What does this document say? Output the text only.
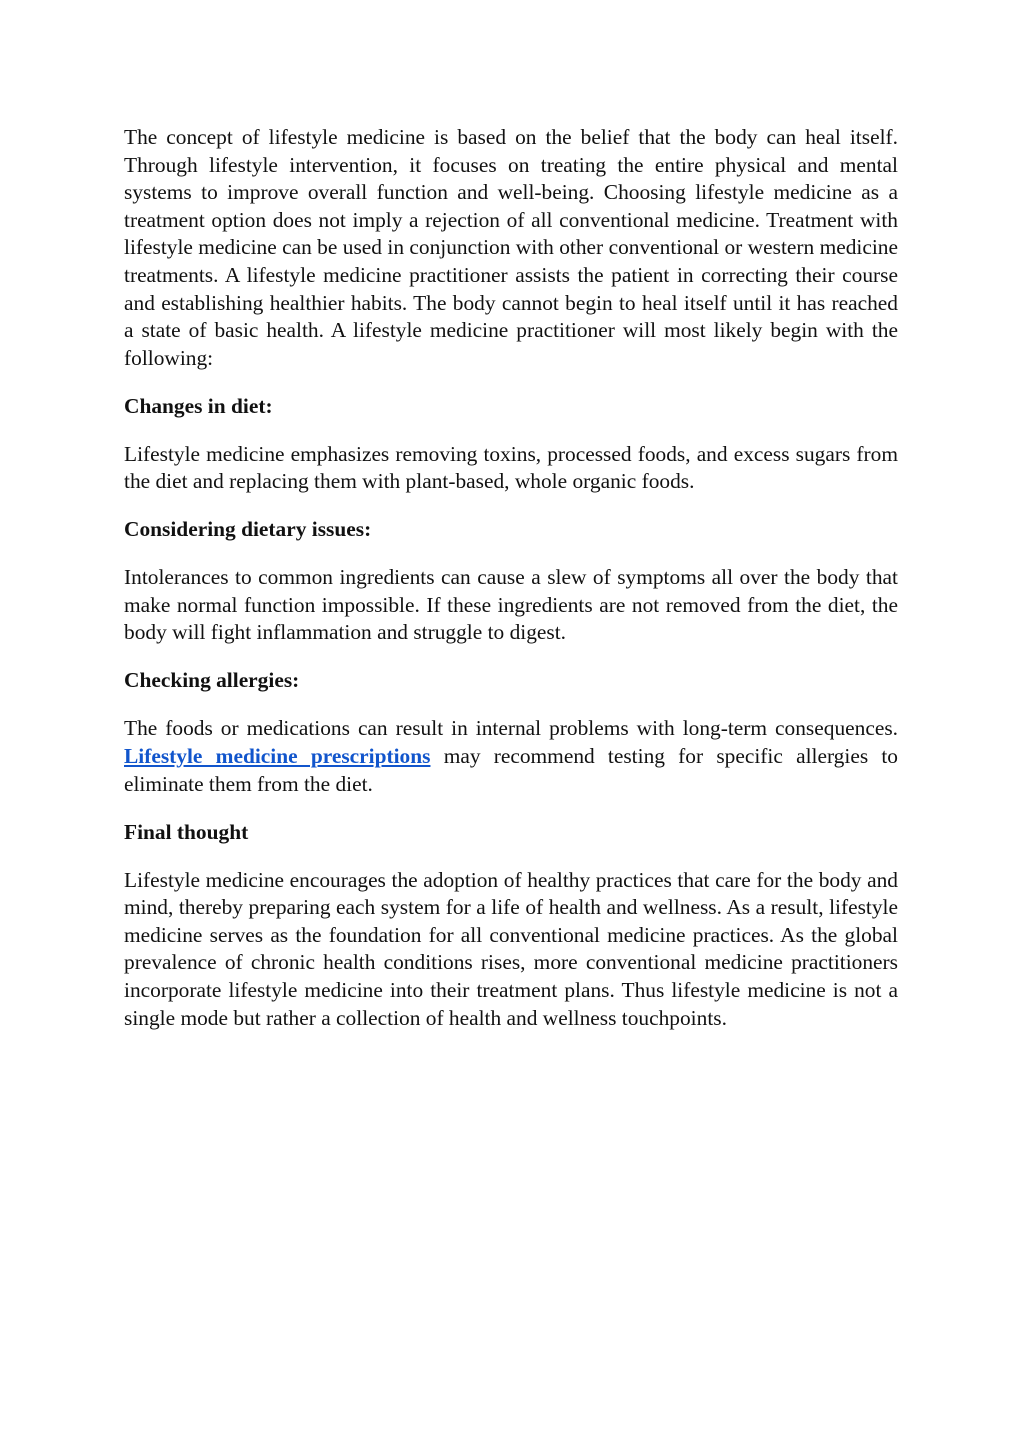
The concept of lifestyle medicine is based on the belief that the body can heal itself. Through lifestyle intervention, it focuses on treating the entire physical and mental systems to improve overall function and well-being. Choosing lifestyle medicine as a treatment option does not imply a rejection of all conventional medicine. Treatment with lifestyle medicine can be used in conjunction with other conventional or western medicine treatments. A lifestyle medicine practitioner assists the patient in correcting their course and establishing healthier habits. The body cannot begin to heal itself until it has reached a state of basic health. A lifestyle medicine practitioner will most likely begin with the following:

Changes in diet:

Lifestyle medicine emphasizes removing toxins, processed foods, and excess sugars from the diet and replacing them with plant-based, whole organic foods.

Considering dietary issues:

Intolerances to common ingredients can cause a slew of symptoms all over the body that make normal function impossible. If these ingredients are not removed from the diet, the body will fight inflammation and struggle to digest.

Checking allergies:

The foods or medications can result in internal problems with long-term consequences. Lifestyle medicine prescriptions may recommend testing for specific allergies to eliminate them from the diet.

Final thought

Lifestyle medicine encourages the adoption of healthy practices that care for the body and mind, thereby preparing each system for a life of health and wellness. As a result, lifestyle medicine serves as the foundation for all conventional medicine practices. As the global prevalence of chronic health conditions rises, more conventional medicine practitioners incorporate lifestyle medicine into their treatment plans. Thus lifestyle medicine is not a single mode but rather a collection of health and wellness touchpoints.
